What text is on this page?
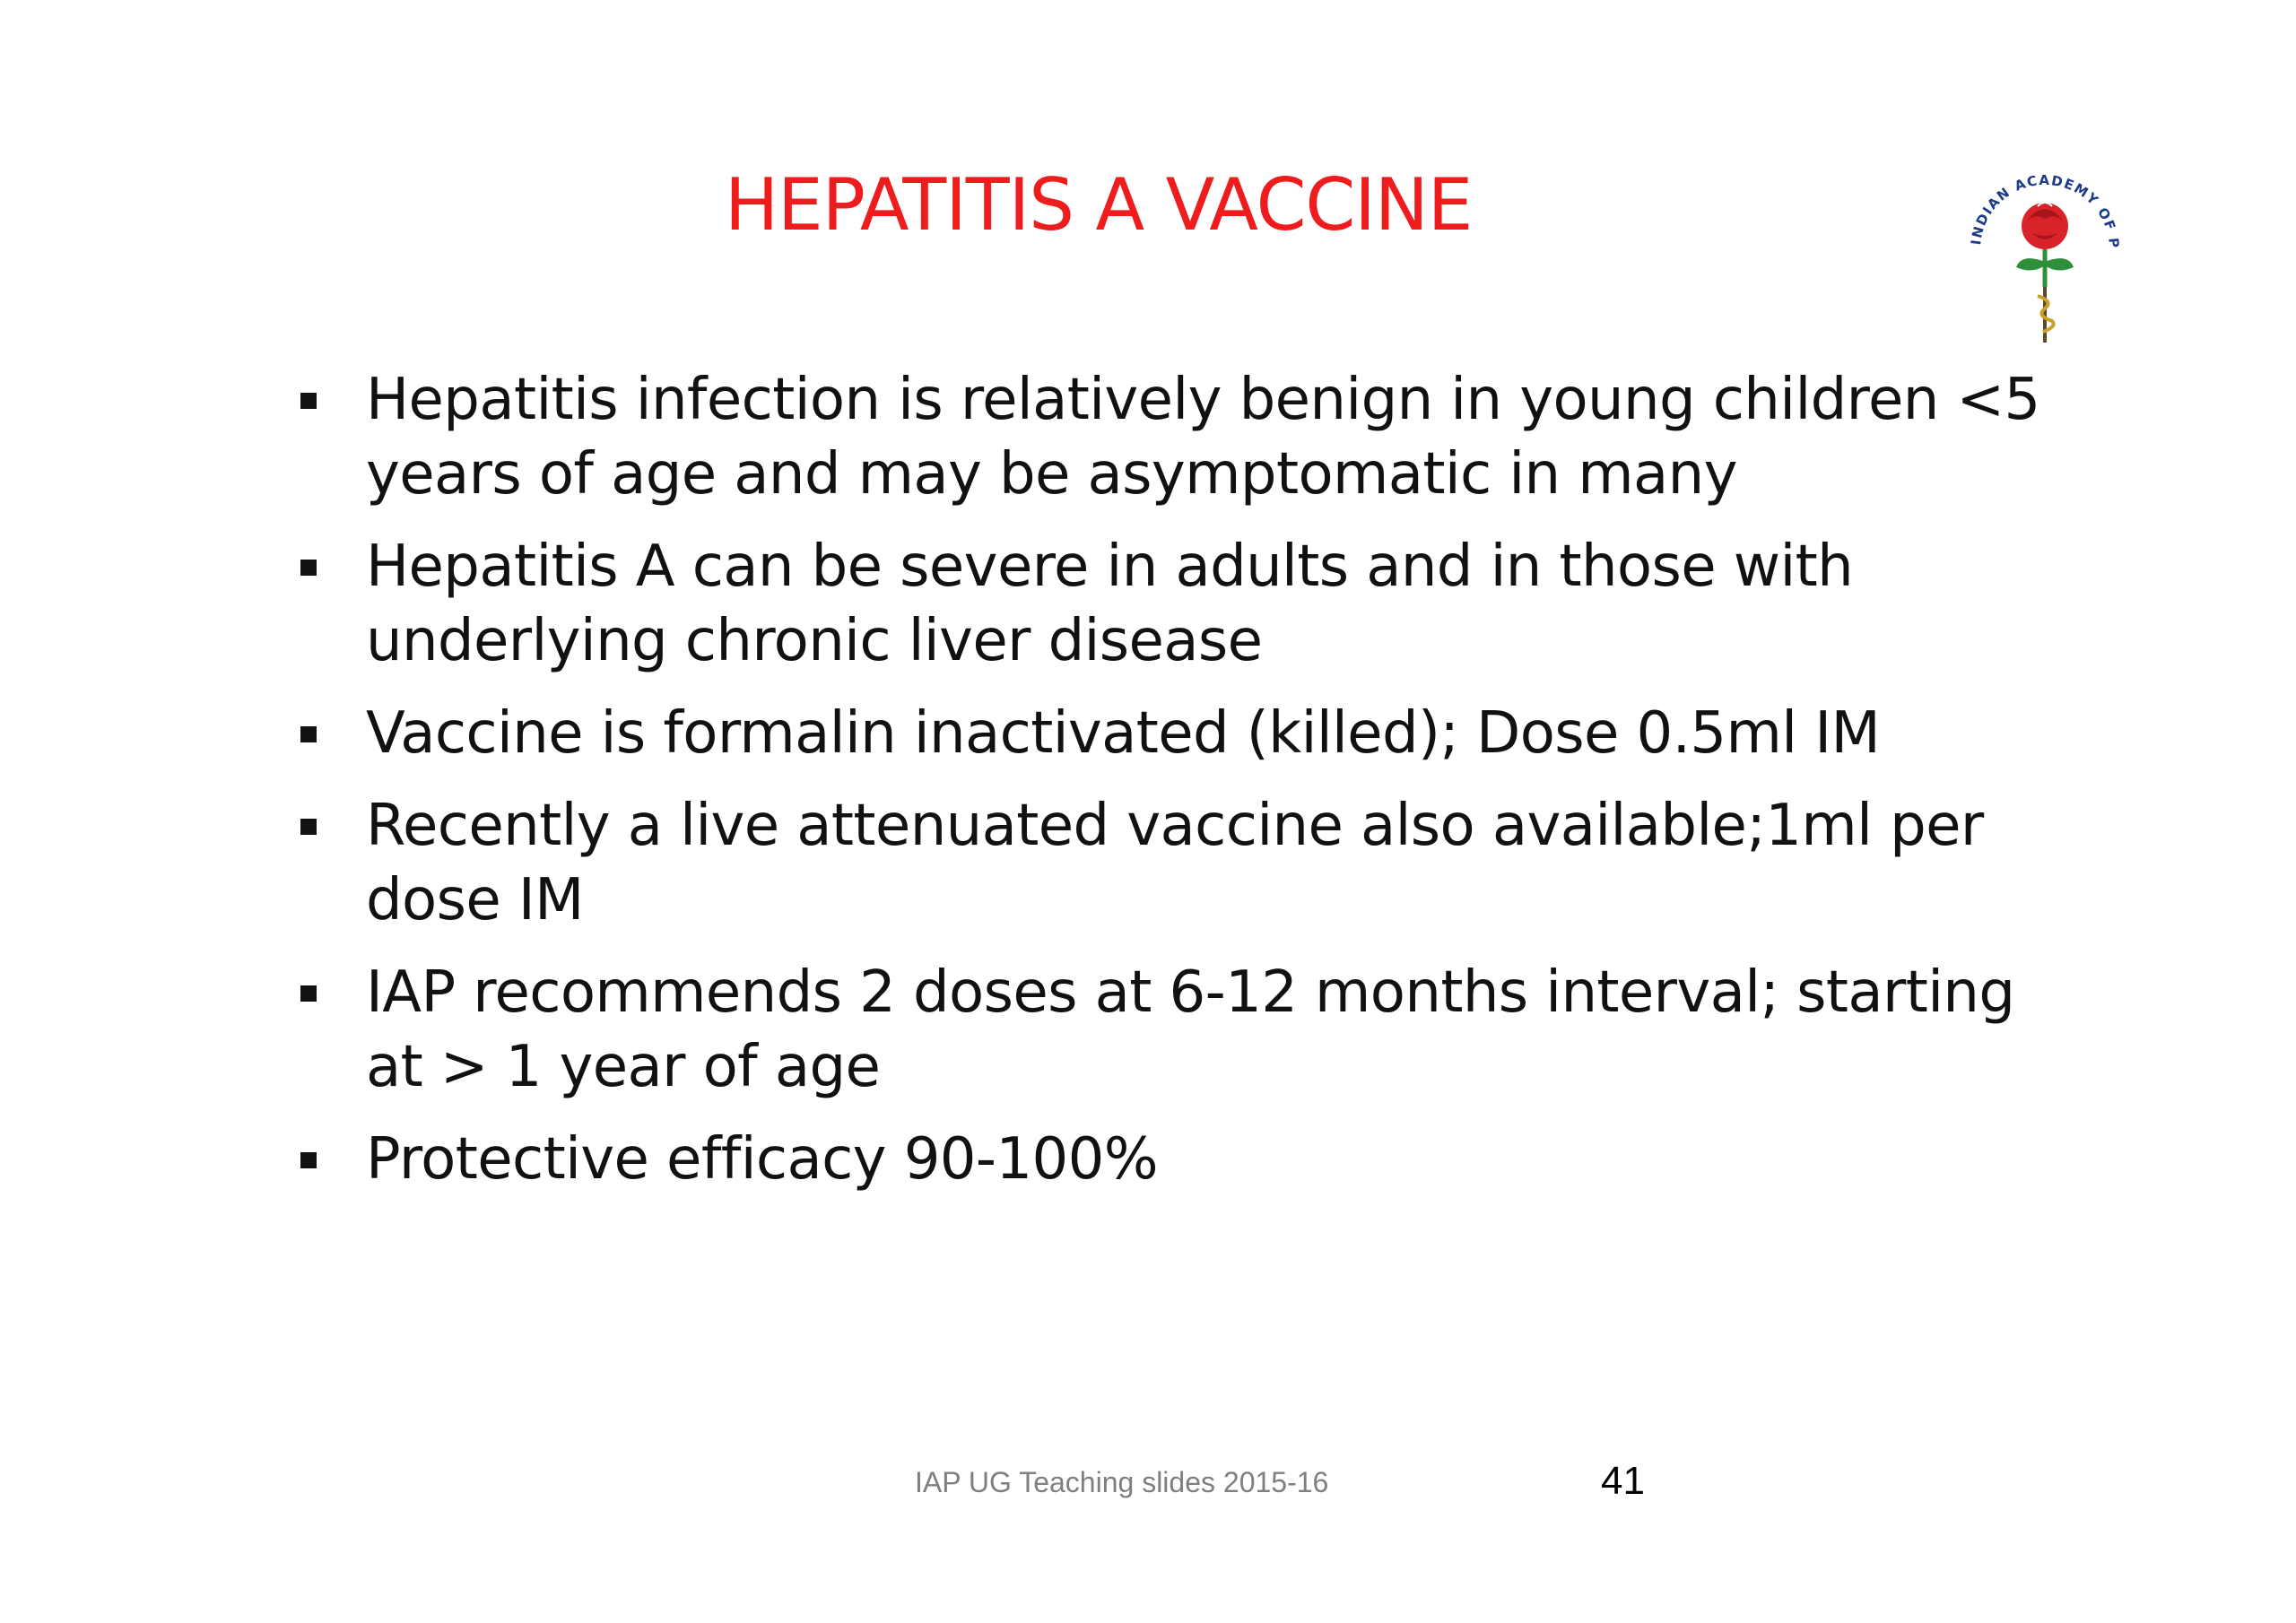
HEPATITIS A VACCINE	INDIAN ACADEMY OF P
Hepatitis infection is relatively benign in young children <5 years of age and may be asymptomatic in many
Hepatitis A can be severe in adults and in those with underlying chronic liver disease
Vaccine is formalin inactivated (killed); Dose 0.5ml IM
Recently a live attenuated vaccine also available;1ml per dose IM
IAP recommends 2 doses at 6-12 months interval; starting at > 1 year of age
Protective efficacy 90-100%
IAP UG Teaching slides 2015-16	41
